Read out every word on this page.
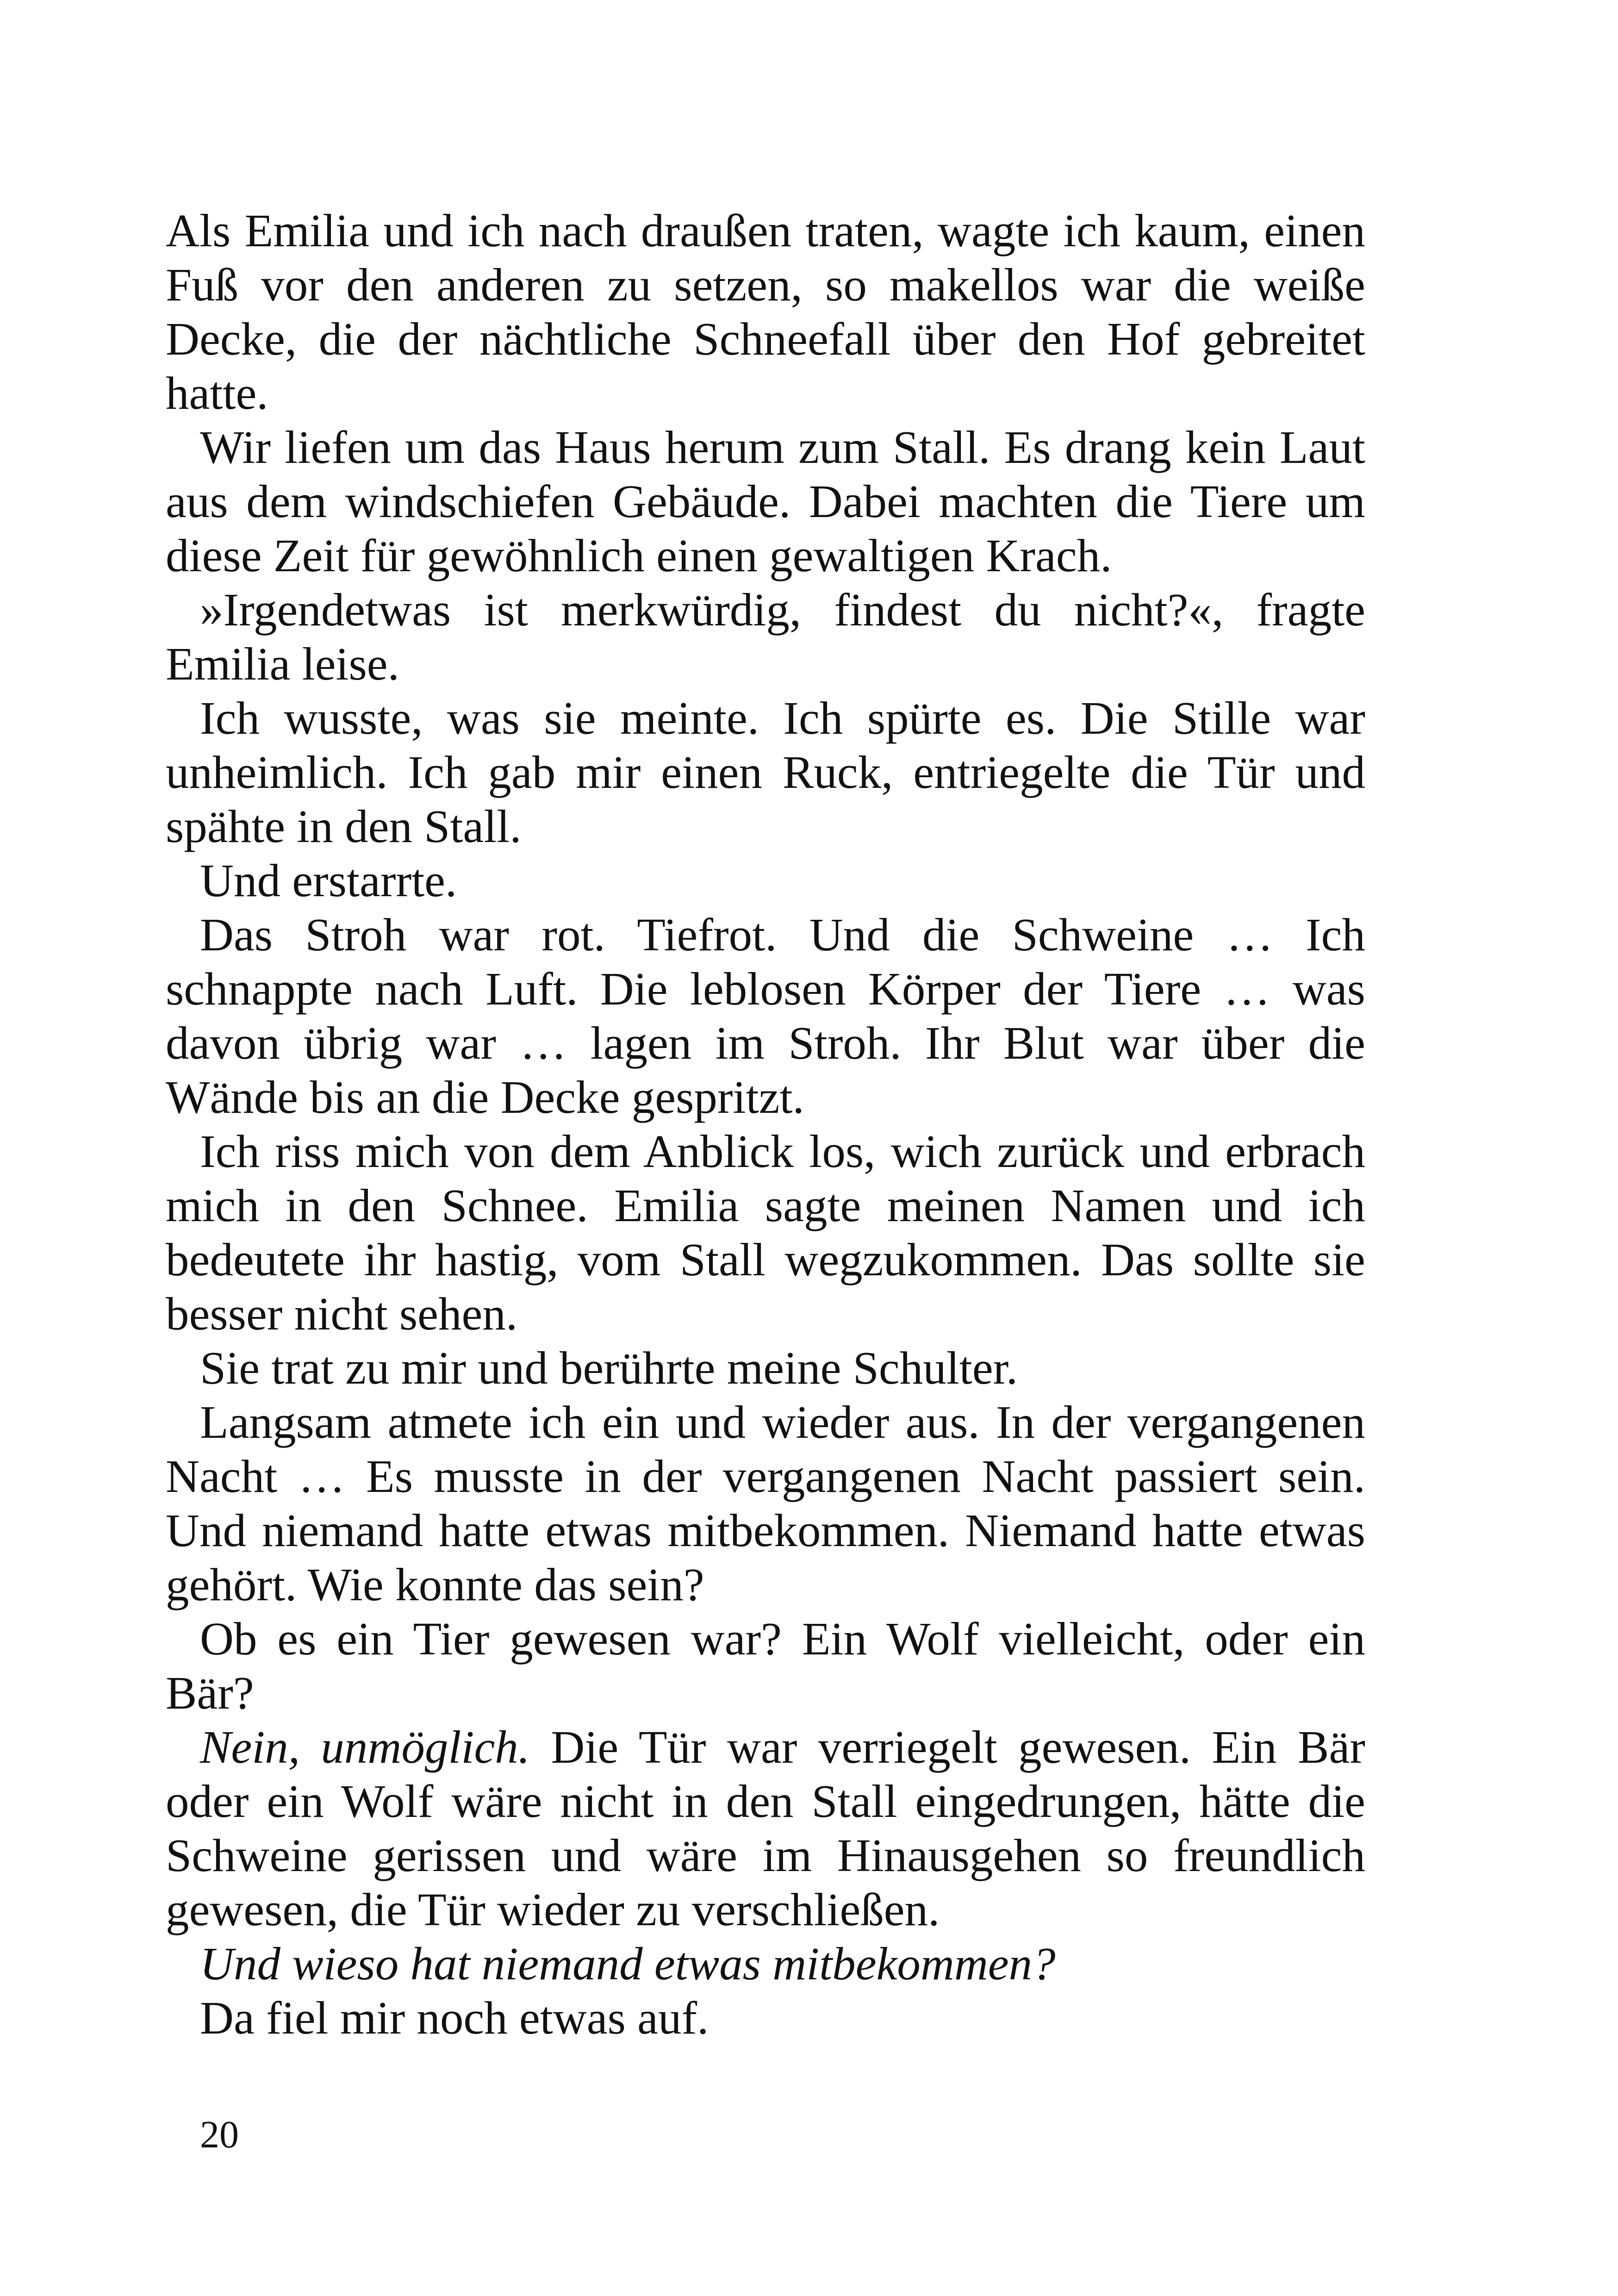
Als Emilia und ich nach draußen traten, wagte ich kaum, einen Fuß vor den anderen zu setzen, so makellos war die weiße Decke, die der nächtliche Schneefall über den Hof gebreitet hatte.

Wir liefen um das Haus herum zum Stall. Es drang kein Laut aus dem windschiefen Gebäude. Dabei machten die Tiere um diese Zeit für gewöhnlich einen gewaltigen Krach.

»Irgendetwas ist merkwürdig, findest du nicht?«, fragte Emilia leise.

Ich wusste, was sie meinte. Ich spürte es. Die Stille war unheimlich. Ich gab mir einen Ruck, entriegelte die Tür und spähte in den Stall.

Und erstarrte.

Das Stroh war rot. Tiefrot. Und die Schweine … Ich schnappte nach Luft. Die leblosen Körper der Tiere … was davon übrig war … lagen im Stroh. Ihr Blut war über die Wände bis an die Decke gespritzt.

Ich riss mich von dem Anblick los, wich zurück und erbrach mich in den Schnee. Emilia sagte meinen Namen und ich bedeutete ihr hastig, vom Stall wegzukommen. Das sollte sie besser nicht sehen.

Sie trat zu mir und berührte meine Schulter.

Langsam atmete ich ein und wieder aus. In der vergangenen Nacht … Es musste in der vergangenen Nacht passiert sein. Und niemand hatte etwas mitbekommen. Niemand hatte etwas gehört. Wie konnte das sein?

Ob es ein Tier gewesen war? Ein Wolf vielleicht, oder ein Bär?

Nein, unmöglich. Die Tür war verriegelt gewesen. Ein Bär oder ein Wolf wäre nicht in den Stall eingedrungen, hätte die Schweine gerissen und wäre im Hinausgehen so freundlich gewesen, die Tür wieder zu verschließen.

Und wieso hat niemand etwas mitbekommen?

Da fiel mir noch etwas auf.

20
